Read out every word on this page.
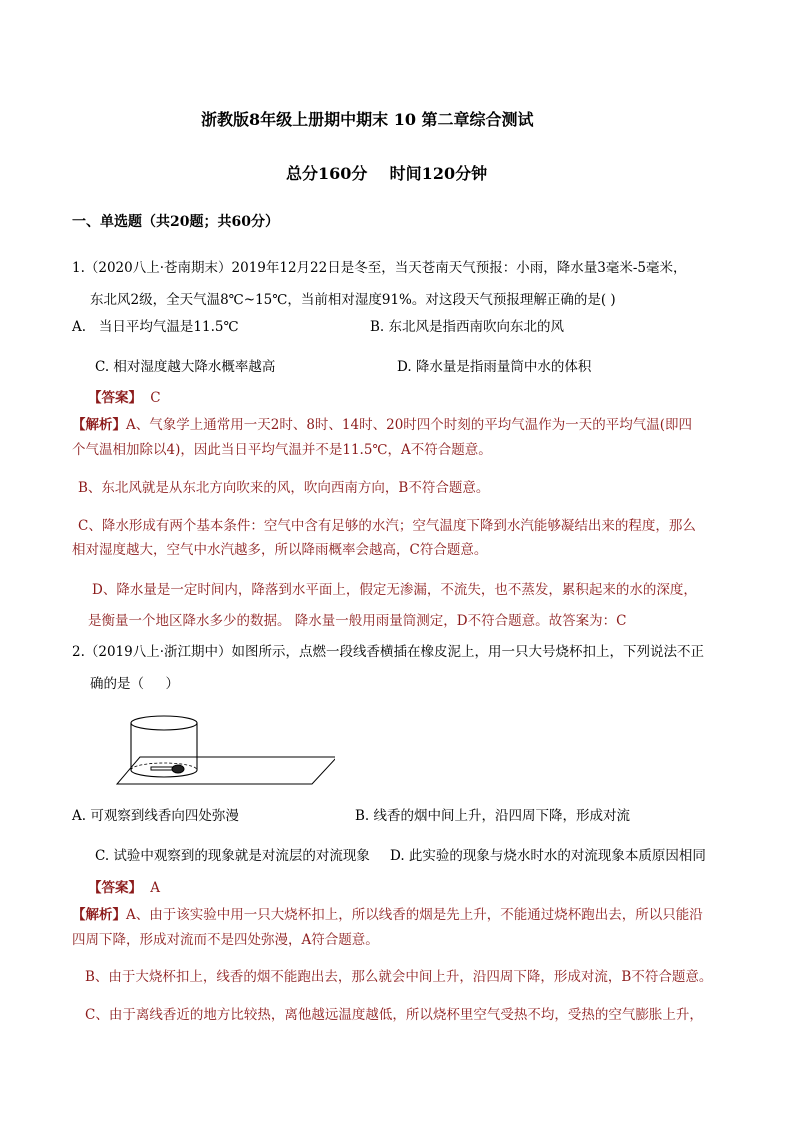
浙教版8年级上册期中期末 10 第二章综合测试
总分160分    时间120分钟
一、单选题（共20题；共60分）
1.（2020八上·苍南期末）2019年12月22日是冬至，当天苍南天气预报：小雨，降水量3毫米-5毫米，
东北风2级，全天气温8℃~15℃，当前相对湿度91%。对这段天气预报理解正确的是( )
A.   当日平均气温是11.5℃	B. 东北风是指西南吹向东北的风
C. 相对湿度越大降水概率越高	D. 降水量是指雨量筒中水的体积
【答案】 C
【解析】A、气象学上通常用一天2时、8时、14时、20时四个时刻的平均气温作为一天的平均气温(即四
个气温相加除以4)，因此当日平均气温并不是11.5℃，A不符合题意。
B、东北风就是从东北方向吹来的风，吹向西南方向，B不符合题意。
C、降水形成有两个基本条件：空气中含有足够的水汽；空气温度下降到水汽能够凝结出来的程度，那么
相对湿度越大，空气中水汽越多，所以降雨概率会越高，C符合题意。
D、降水量是一定时间内，降落到水平面上，假定无渗漏，不流失，也不蒸发，累积起来的水的深度，
是衡量一个地区降水多少的数据。 降水量一般用雨量筒测定，D不符合题意。故答案为：C
2.（2019八上·浙江期中）如图所示，点燃一段线香横插在橡皮泥上，用一只大号烧杯扣上，下列说法不正
确的是（     ）
A. 可观察到线香向四处弥漫	B. 线香的烟中间上升，沿四周下降，形成对流
C. 试验中观察到的现象就是对流层的对流现象 D. 此实验的现象与烧水时水的对流现象本质原因相同
【答案】 A
【解析】A、由于该实验中用一只大烧杯扣上，所以线香的烟是先上升，不能通过烧杯跑出去，所以只能沿
四周下降，形成对流而不是四处弥漫，A符合题意。
B、由于大烧杯扣上，线香的烟不能跑出去，那么就会中间上升，沿四周下降，形成对流，B不符合题意。
C、由于离线香近的地方比较热，离他越远温度越低，所以烧杯里空气受热不均，受热的空气膨胀上升，
